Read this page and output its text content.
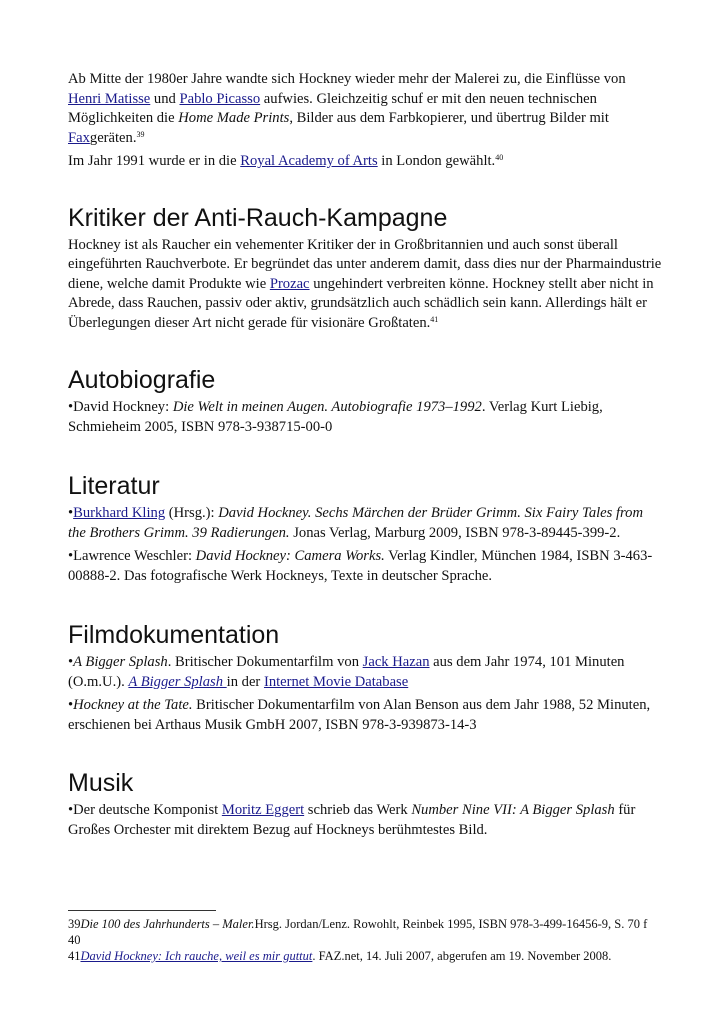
Ab Mitte der 1980er Jahre wandte sich Hockney wieder mehr der Malerei zu, die Einflüsse von Henri Matisse und Pablo Picasso aufwies. Gleichzeitig schuf er mit den neuen technischen Möglichkeiten die Home Made Prints, Bilder aus dem Farbkopierer, und übertrug Bilder mit Faxgeräten.$^{39}$

Im Jahr 1991 wurde er in die Royal Academy of Arts in London gewählt.$^{40}$

Kritiker der Anti-Rauch-Kampagne

Hockney ist als Raucher ein vehementer Kritiker der in Großbritannien und auch sonst überall eingeführten Rauchverbote. Er begründet das unter anderem damit, dass dies nur der Pharmaindustrie diene, welche damit Produkte wie Prozac ungehindert verbreiten könne. Hockney stellt aber nicht in Abrede, dass Rauchen, passiv oder aktiv, grundsätzlich auch schädlich sein kann. Allerdings hält er Überlegungen dieser Art nicht gerade für visionäre Großtaten.$^{41}$

Autobiografie

•David Hockney: Die Welt in meinen Augen. Autobiografie 1973–1992. Verlag Kurt Liebig, Schmieheim 2005, ISBN 978-3-938715-00-0

Literatur

•Burkhard Kling (Hrsg.): David Hockney. Sechs Märchen der Brüder Grimm. Six Fairy Tales from the Brothers Grimm. 39 Radierungen. Jonas Verlag, Marburg 2009, ISBN 978-3-89445-399-2.

•Lawrence Weschler: David Hockney: Camera Works. Verlag Kindler, München 1984, ISBN 3-463-00888-2. Das fotografische Werk Hockneys, Texte in deutscher Sprache.

Filmdokumentation

•A Bigger Splash. Britischer Dokumentarfilm von Jack Hazan aus dem Jahr 1974, 101 Minuten (O.m.U.). A Bigger Splash in der Internet Movie Database

•Hockney at the Tate. Britischer Dokumentarfilm von Alan Benson aus dem Jahr 1988, 52 Minuten, erschienen bei Arthaus Musik GmbH 2007, ISBN 978-3-939873-14-3

Musik

•Der deutsche Komponist Moritz Eggert schrieb das Werk Number Nine VII: A Bigger Splash für Großes Orchester mit direktem Bezug auf Hockneys berühmtestes Bild.

39Die 100 des Jahrhunderts – Maler.Hrsg. Jordan/Lenz. Rowohlt, Reinbek 1995, ISBN 978-3-499-16456-9, S. 70 f

40

41David Hockney: Ich rauche, weil es mir guttut. FAZ.net, 14. Juli 2007, abgerufen am 19. November 2008.
